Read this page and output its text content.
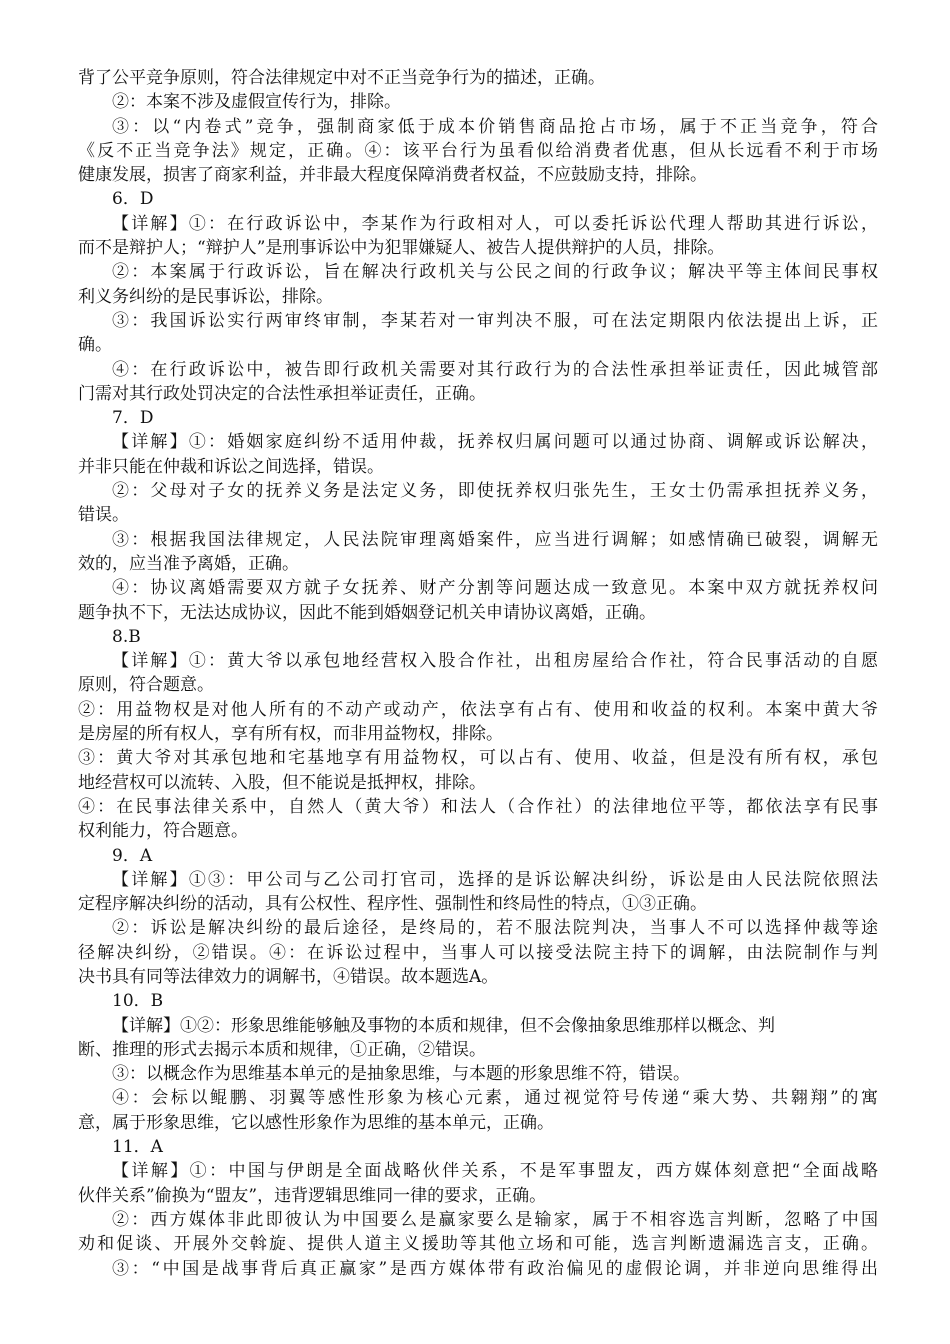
背了公平竞争原则，符合法律规定中对不正当竞争行为的描述，正确。
②：本案不涉及虚假宣传行为，排除。
③：以“内卷式”竞争，强制商家低于成本价销售商品抢占市场，属于不正当竞争，符合
《反不正当竞争法》规定，正确。④：该平台行为虽看似给消费者优惠，但从长远看不利于市场
健康发展，损害了商家利益，并非最大程度保障消费者权益，不应鼓励支持，排除。
6．D
【详解】①：在行政诉讼中，李某作为行政相对人，可以委托诉讼代理人帮助其进行诉讼，
而不是辩护人；“辩护人”是刑事诉讼中为犯罪嫌疑人、被告人提供辩护的人员，排除。
②：本案属于行政诉讼，旨在解决行政机关与公民之间的行政争议；解决平等主体间民事权
利义务纠纷的是民事诉讼，排除。
③：我国诉讼实行两审终审制，李某若对一审判决不服，可在法定期限内依法提出上诉，正
确。
④：在行政诉讼中，被告即行政机关需要对其行政行为的合法性承担举证责任，因此城管部
门需对其行政处罚决定的合法性承担举证责任，正确。
7．D
【详解】①：婚姻家庭纠纷不适用仲裁，抚养权归属问题可以通过协商、调解或诉讼解决，
并非只能在仲裁和诉讼之间选择，错误。
②：父母对子女的抚养义务是法定义务，即使抚养权归张先生，王女士仍需承担抚养义务，
错误。
③：根据我国法律规定，人民法院审理离婚案件，应当进行调解；如感情确已破裂，调解无
效的，应当准予离婚，正确。
④：协议离婚需要双方就子女抚养、财产分割等问题达成一致意见。本案中双方就抚养权问
题争执不下，无法达成协议，因此不能到婚姻登记机关申请协议离婚，正确。
8.B
【详解】①：黄大爷以承包地经营权入股合作社，出租房屋给合作社，符合民事活动的自愿
原则，符合题意。
②：用益物权是对他人所有的不动产或动产，依法享有占有、使用和收益的权利。本案中黄大爷
是房屋的所有权人，享有所有权，而非用益物权，排除。
③：黄大爷对其承包地和宅基地享有用益物权，可以占有、使用、收益，但是没有所有权，承包
地经营权可以流转、入股，但不能说是抵押权，排除。
④：在民事法律关系中，自然人（黄大爷）和法人（合作社）的法律地位平等，都依法享有民事
权利能力，符合题意。
9．A
【详解】①③：甲公司与乙公司打官司，选择的是诉讼解决纠纷，诉讼是由人民法院依照法
定程序解决纠纷的活动，具有公权性、程序性、强制性和终局性的特点，①③正确。
②：诉讼是解决纠纷的最后途径，是终局的，若不服法院判决，当事人不可以选择仲裁等途
径解决纠纷，②错误。④：在诉讼过程中，当事人可以接受法院主持下的调解，由法院制作与判
决书具有同等法律效力的调解书，④错误。故本题选A。
10．B
【详解】①②：形象思维能够触及事物的本质和规律，但不会像抽象思维那样以概念、判
断、推理的形式去揭示本质和规律，①正确，②错误。
③：以概念作为思维基本单元的是抽象思维，与本题的形象思维不符，错误。
④：会标以鲲鹏、羽翼等感性形象为核心元素，通过视觉符号传递“乘大势、共翱翔”的寓
意，属于形象思维，它以感性形象作为思维的基本单元，正确。
11．A
【详解】①：中国与伊朗是全面战略伙伴关系，不是军事盟友，西方媒体刻意把“全面战略
伙伴关系”偷换为“盟友”，违背逻辑思维同一律的要求，正确。
②：西方媒体非此即彼认为中国要么是赢家要么是输家，属于不相容选言判断，忽略了中国
劝和促谈、开展外交斡旋、提供人道主义援助等其他立场和可能，选言判断遗漏选言支，正确。
③：“中国是战事背后真正赢家”是西方媒体带有政治偏见的虚假论调，并非逆向思维得出
